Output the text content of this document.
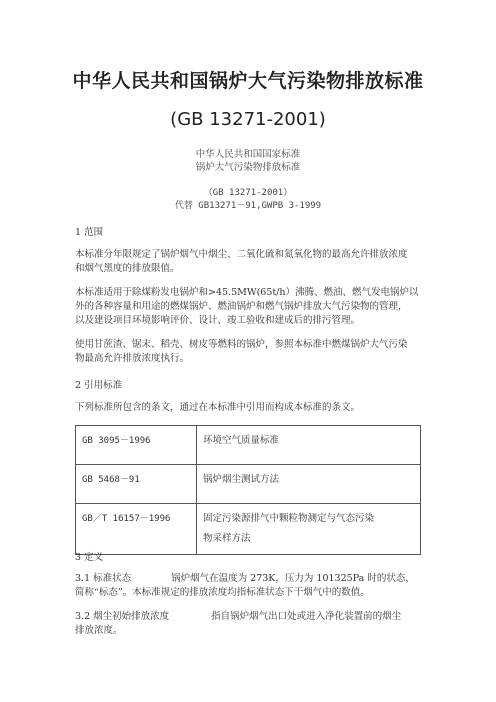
中华人民共和国锅炉大气污染物排放标准
(GB 13271-2001)
中华人民共和国国家标准
锅炉大气污染物排放标准
（GB 13271-2001）
代替 GB13271－91,GWPB 3-1999
1 范围
本标准分年限规定了锅炉烟气中烟尘、二氧化硫和氮氧化物的最高允许排放浓度
和烟气黑度的排放限值。
本标准适用于除煤粉发电锅炉和>45.5MW(65t/h）沸腾、燃油、燃气发电锅炉以
外的各种容量和用途的燃煤锅炉、燃油锅炉和燃气锅炉排放大气污染物的管理，
以及建设项目环境影响评价、设计、竣工验收和建成后的排污管理。
使用甘蔗渣、锯末、稻壳、树皮等燃料的锅炉，参照本标准中燃煤锅炉大气污染
物最高允许排放浓度执行。
2 引用标准
下列标准所包含的条文，通过在本标准中引用而构成本标准的条文。
GB 3095－1996	环境空气质量标准
GB 5468－91	锅炉烟尘测试方法
GB／T 16157－1996	固定污染源排气中颗粒物测定与气态污染
物采样方法
3 定义
3.1 标准状态	锅炉烟气在温度为 273K，压力为 101325Pa 时的状态，
简称“标态”。本标准规定的排放浓度均指标准状态下干烟气中的数值。
3.2 烟尘初始排放浓度	指自锅炉烟气出口处或进入净化装置前的烟尘
排放浓度。
